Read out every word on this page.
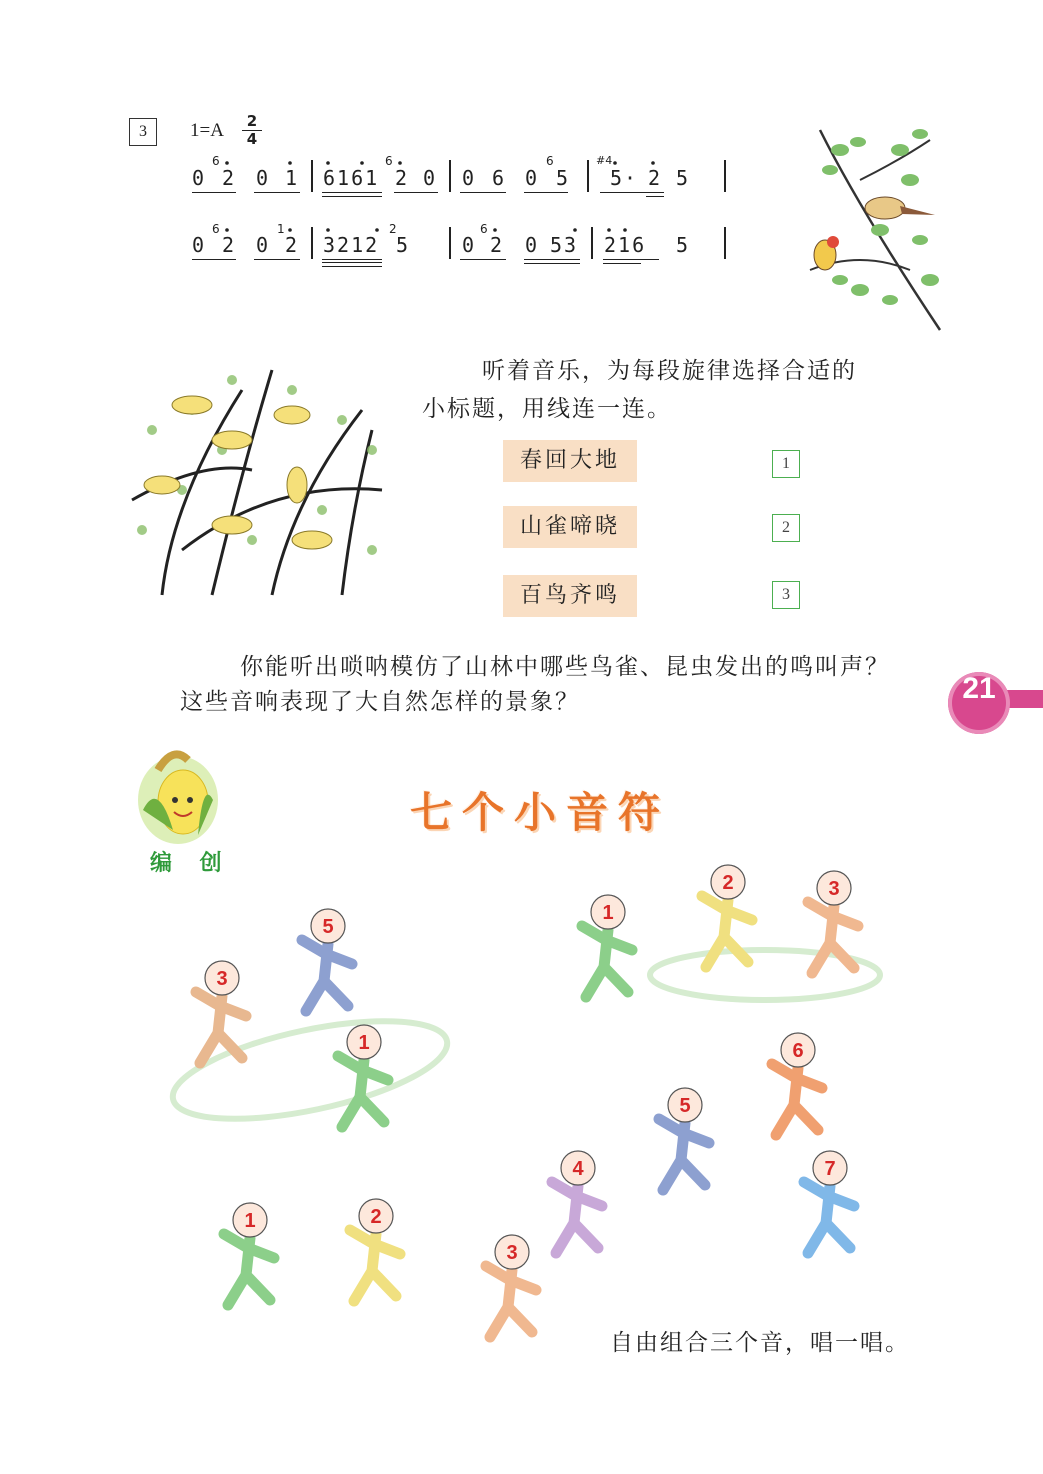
3	1=A	2
4
0 2 0 1 6161 2 0 0 6 0 5 5· 2 5
6	6	6	#4
0 2 0 2 3212 5	0 2 0 53 216 5
6	1	2	6
听着音乐，为每段旋律选择合适的
小标题，用线连一连。
春回大地
山雀啼晓
百鸟齐鸣
1
2
3
你能听出唢呐模仿了山林中哪些鸟雀、昆虫发出的鸣叫声？
这些音响表现了大自然怎样的景象？	21
编 创
七个小音符
5
3
1
1
2	3
6
5
4	7
1	2
3
自由组合三个音，唱一唱。
